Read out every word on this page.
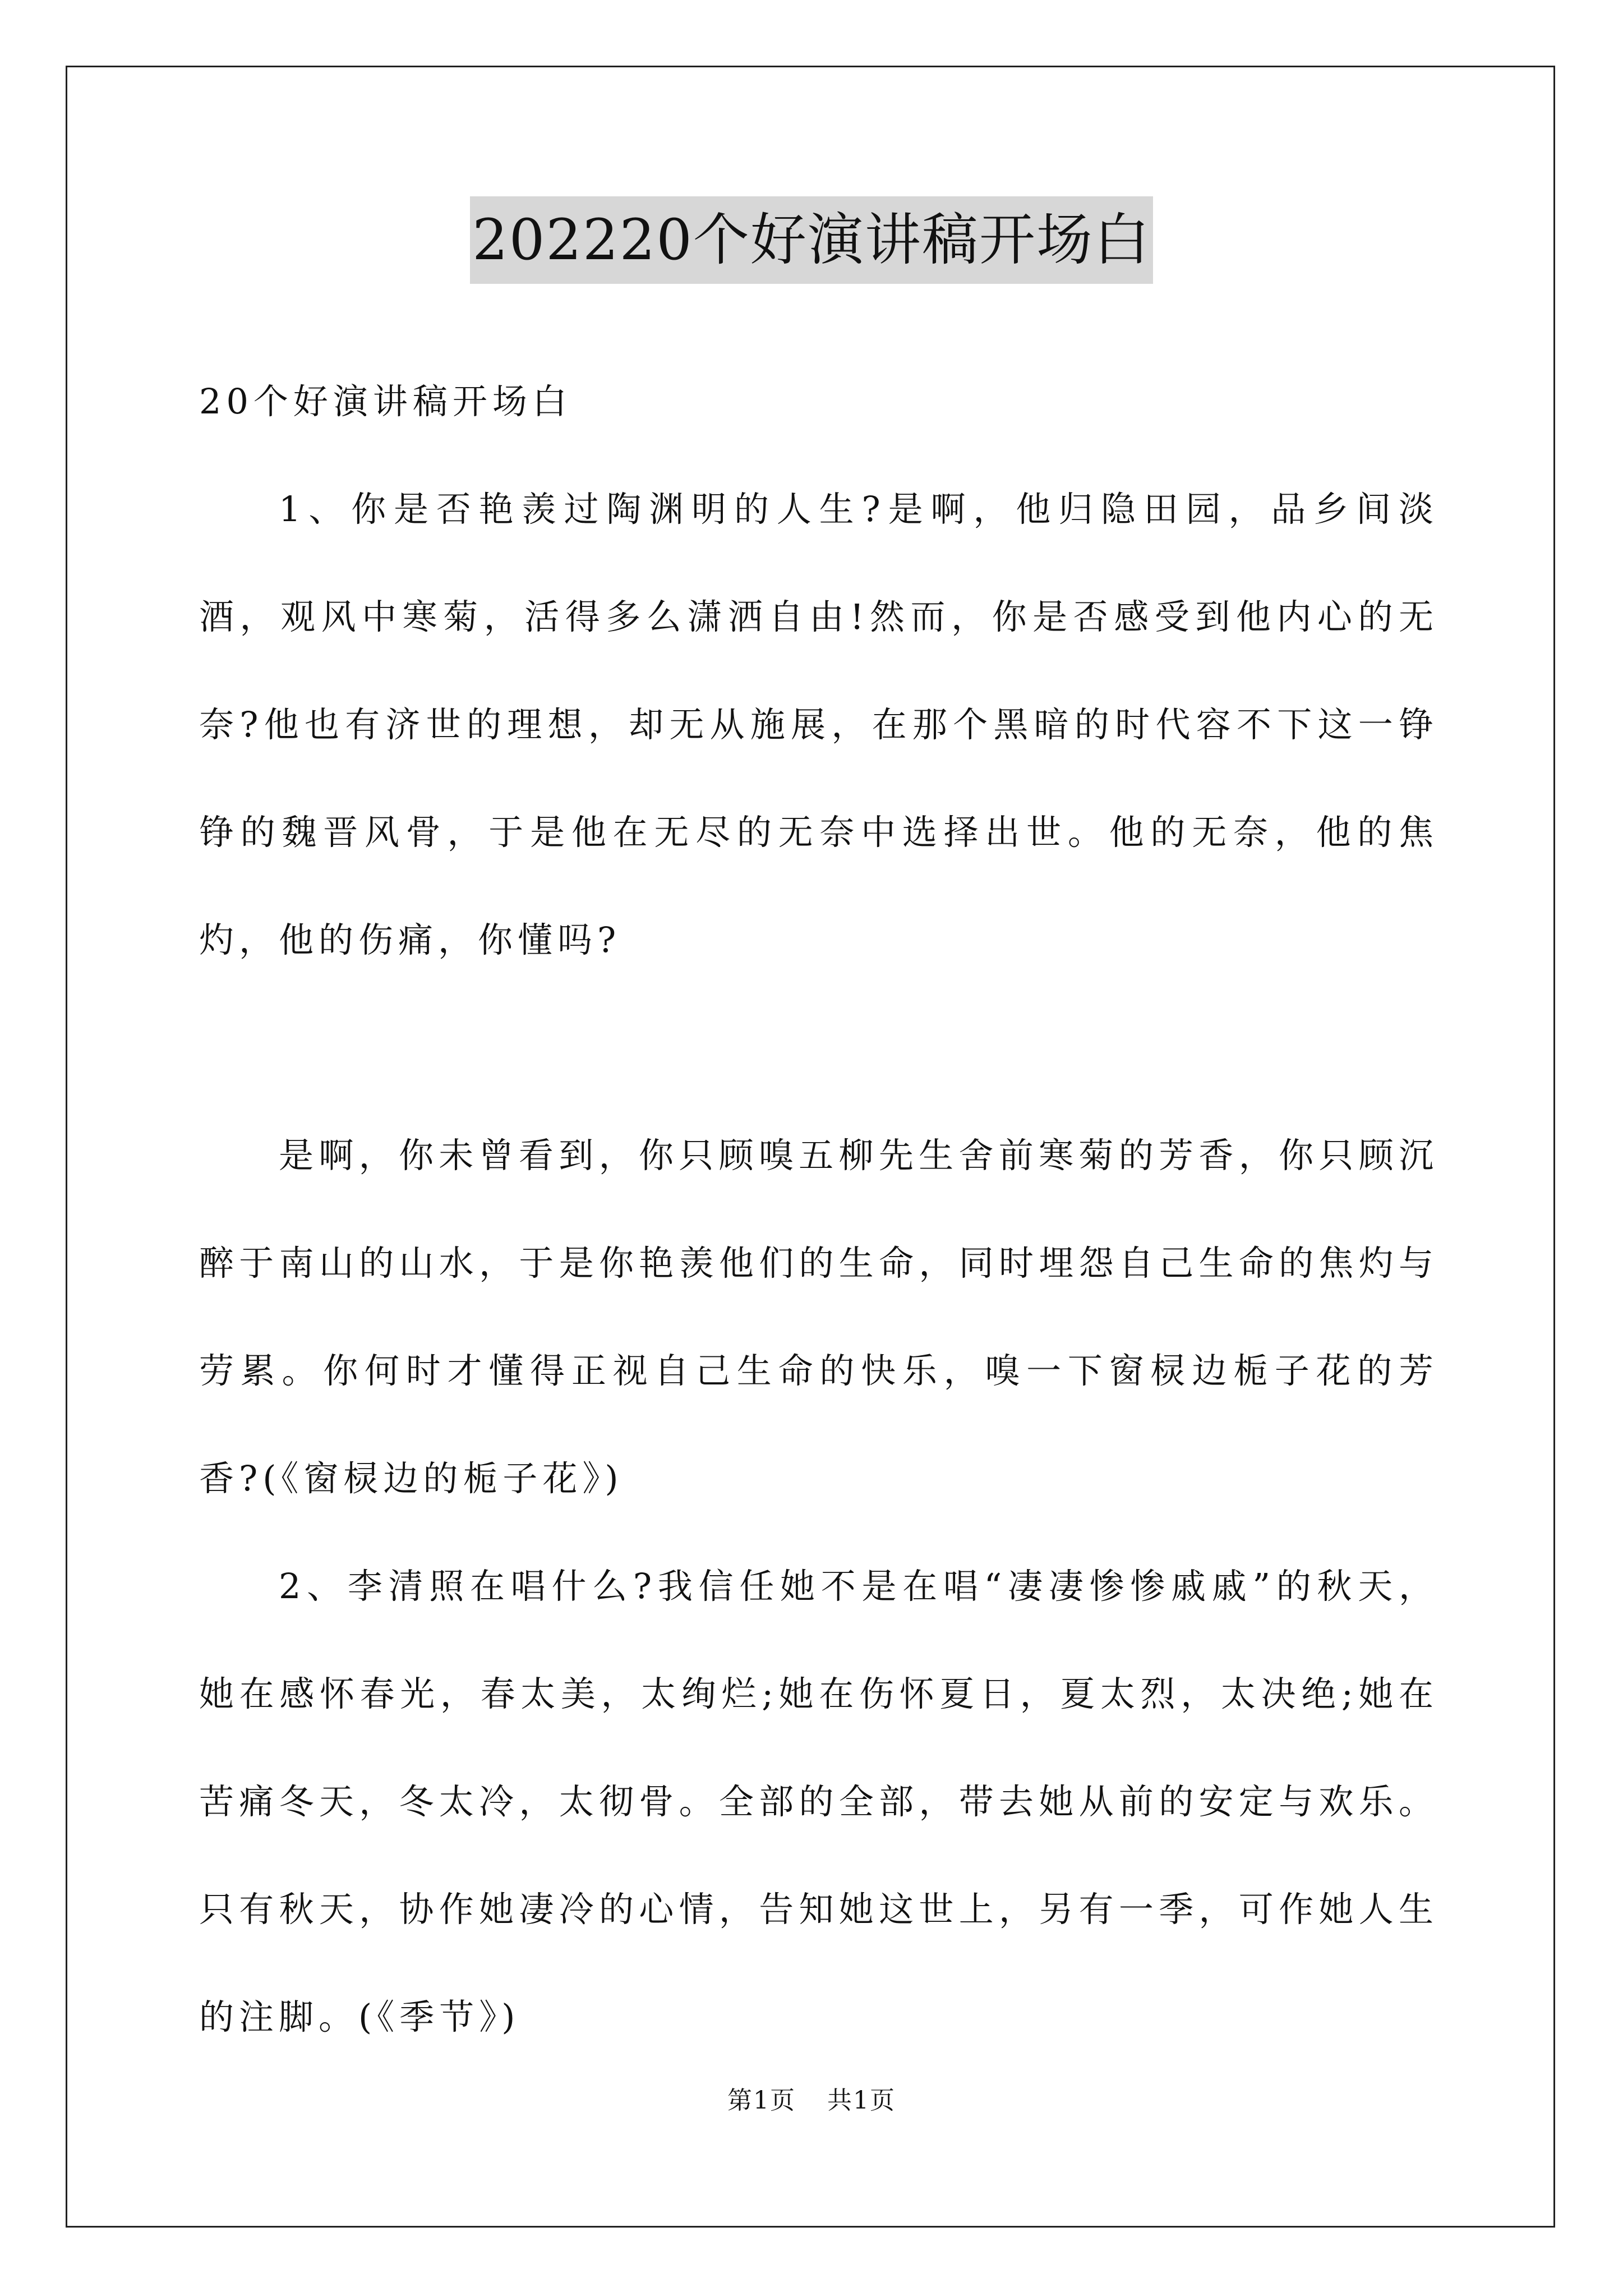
202220个好演讲稿开场白

20个好演讲稿开场白

1、你是否艳羡过陶渊明的人生?是啊，他归隐田园，品乡间淡酒，观风中寒菊，活得多么潇洒自由!然而，你是否感受到他内心的无奈?他也有济世的理想，却无从施展，在那个黑暗的时代容不下这一铮铮的魏晋风骨，于是他在无尽的无奈中选择出世。他的无奈，他的焦灼，他的伤痛，你懂吗?

是啊，你未曾看到，你只顾嗅五柳先生舍前寒菊的芳香，你只顾沉醉于南山的山水，于是你艳羡他们的生命，同时埋怨自己生命的焦灼与劳累。你何时才懂得正视自己生命的快乐，嗅一下窗棂边栀子花的芳香?(《窗棂边的栀子花》)

2、李清照在唱什么?我信任她不是在唱“凄凄惨惨戚戚”的秋天，她在感怀春光，春太美，太绚烂;她在伤怀夏日，夏太烈，太决绝;她在苦痛冬天，冬太冷，太彻骨。全部的全部，带去她从前的安定与欢乐。只有秋天，协作她凄冷的心情，告知她这世上，另有一季，可作她人生的注脚。(《季节》)

第1页 共1页
